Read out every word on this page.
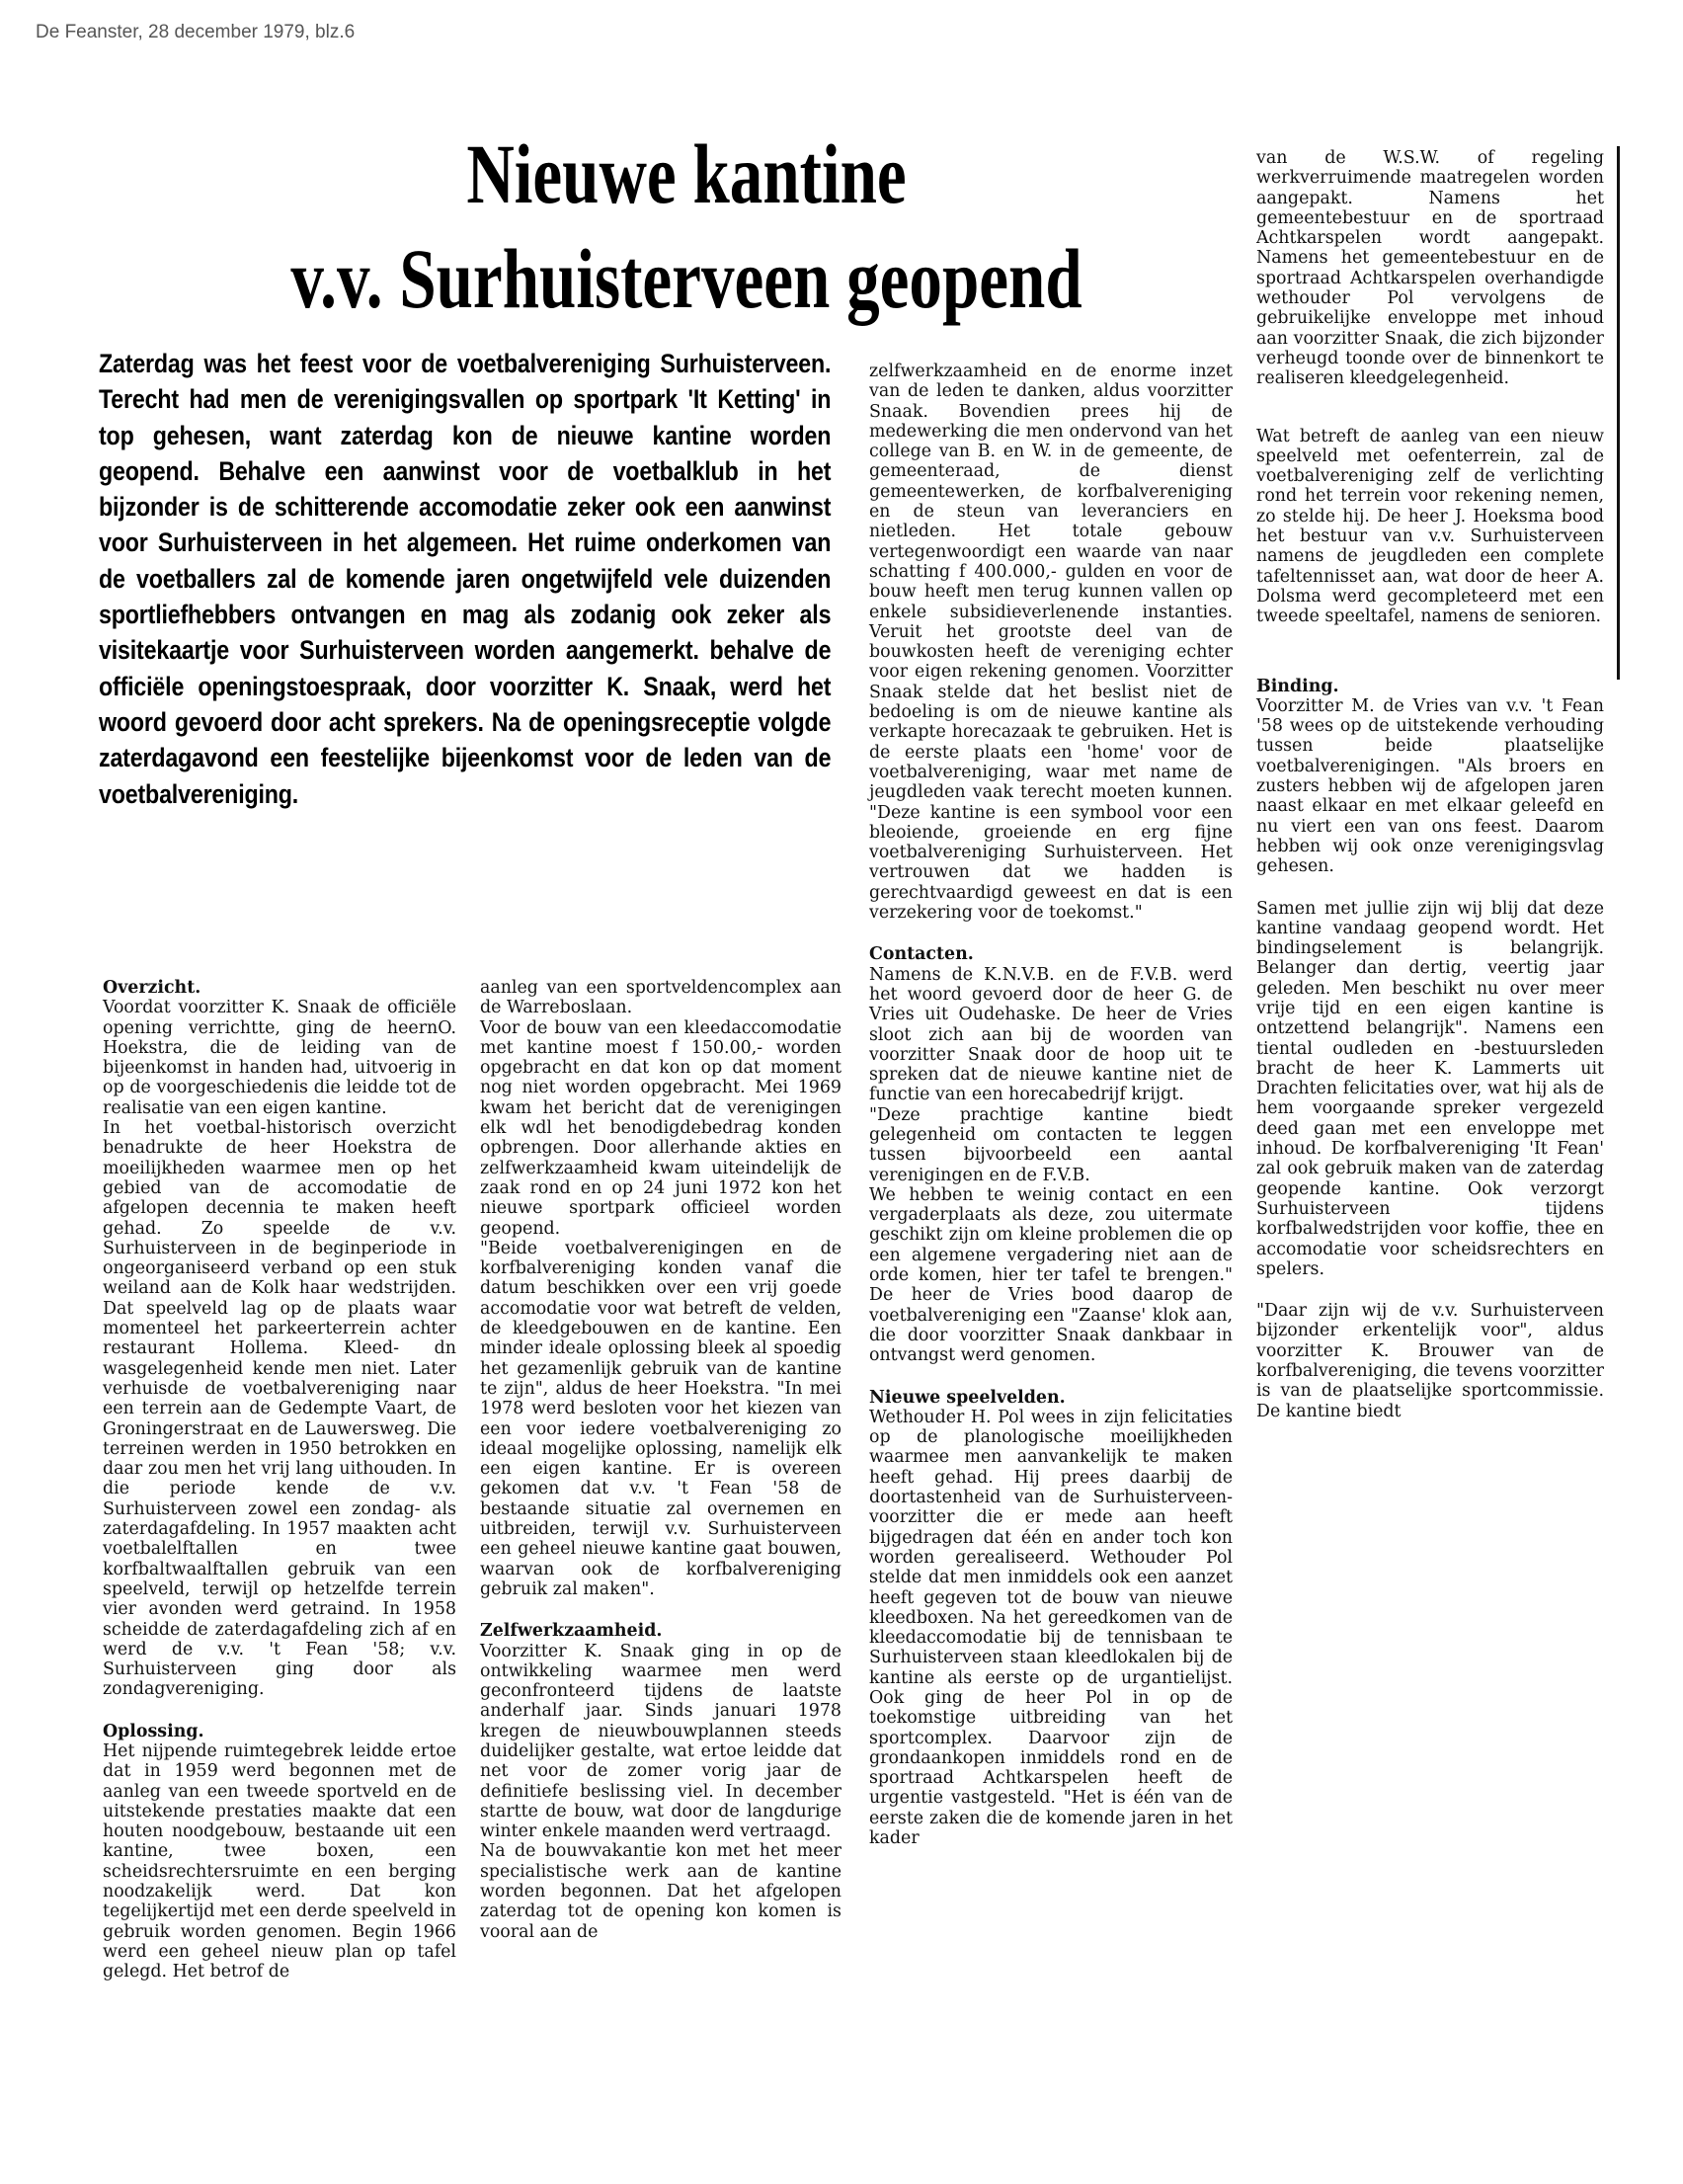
De Feanster, 28 december 1979, blz.6
Nieuwe kantine
v.v. Surhuisterveen geopend
Zaterdag was het feest voor de voetbalvereniging Surhuisterveen. Terecht had men de verenigingsvallen op sportpark 'It Ketting' in top gehesen, want zaterdag kon de nieuwe kantine worden geopend. Behalve een aanwinst voor de voetbalklub in het bijzonder is de schitterende accomodatie zeker ook een aanwinst voor Surhuisterveen in het algemeen. Het ruime onderkomen van de voetballers zal de komende jaren ongetwijfeld vele duizenden sportliefhebbers ontvangen en mag als zodanig ook zeker als visitekaartje voor Surhuisterveen worden aangemerkt. behalve de officiële openingstoespraak, door voorzitter K. Snaak, werd het woord gevoerd door acht sprekers. Na de openingsreceptie volgde zaterdagavond een feestelijke bijeenkomst voor de leden van de voetbalvereniging.
Overzicht.

Voordat voorzitter K. Snaak de officiële opening verrichtte, ging de heernO. Hoekstra, die de leiding van de bijeenkomst in handen had, uitvoerig in op de voorgeschiedenis die leidde tot de realisatie van een eigen kantine.

In het voetbal-historisch overzicht benadrukte de heer Hoekstra de moeilijkheden waarmee men op het gebied van de accomodatie de afgelopen decennia te maken heeft gehad. Zo speelde de v.v. Surhuisterveen in de beginperiode in ongeorganiseerd verband op een stuk weiland aan de Kolk haar wedstrijden. Dat speelveld lag op de plaats waar momenteel het parkeerterrein achter restaurant Hollema. Kleed- dn wasgelegenheid kende men niet. Later verhuisde de voetbalvereniging naar een terrein aan de Gedempte Vaart, de Groningerstraat en de Lauwersweg. Die terreinen werden in 1950 betrokken en daar zou men het vrij lang uithouden. In die periode kende de v.v. Surhuisterveen zowel een zondag- als zaterdagafdeling. In 1957 maakten acht voetbalelftallen en twee korfbaltwaalftallen gebruik van een speelveld, terwijl op hetzelfde terrein vier avonden werd getraind. In 1958 scheidde de zaterdagafdeling zich af en werd de v.v. 't Fean '58; v.v. Surhuisterveen ging door als zondagvereniging.

Oplossing.

Het nijpende ruimtegebrek leidde ertoe dat in 1959 werd begonnen met de aanleg van een tweede sportveld en de uitstekende prestaties maakte dat een houten noodgebouw, bestaande uit een kantine, twee boxen, een scheidsrechtersruimte en een berging noodzakelijk werd. Dat kon tegelijkertijd met een derde speelveld in gebruik worden genomen. Begin 1966 werd een geheel nieuw plan op tafel gelegd. Het betrof de

aanleg van een sportveldencomplex aan de Warreboslaan.

Voor de bouw van een kleedaccomodatie met kantine moest f 150.00,- worden opgebracht en dat kon op dat moment nog niet worden opgebracht. Mei 1969 kwam het bericht dat de verenigingen elk wdl het benodigdebedrag konden opbrengen. Door allerhande akties en zelfwerkzaamheid kwam uiteindelijk de zaak rond en op 24 juni 1972 kon het nieuwe sportpark officieel worden geopend.

"Beide voetbalverenigingen en de korfbalvereniging konden vanaf die datum beschikken over een vrij goede accomodatie voor wat betreft de velden, de kleedgebouwen en de kantine. Een minder ideale oplossing bleek al spoedig het gezamenlijk gebruik van de kantine te zijn", aldus de heer Hoekstra. "In mei 1978 werd besloten voor het kiezen van een voor iedere voetbalvereniging zo ideaal mogelijke oplossing, namelijk elk een eigen kantine. Er is overeen gekomen dat v.v. 't Fean '58 de bestaande situatie zal overnemen en uitbreiden, terwijl v.v. Surhuisterveen een geheel nieuwe kantine gaat bouwen, waarvan ook de korfbalvereniging gebruik zal maken".

Zelfwerkzaamheid.

Voorzitter K. Snaak ging in op de ontwikkeling waarmee men werd geconfronteerd tijdens de laatste anderhalf jaar. Sinds januari 1978 kregen de nieuwbouwplannen steeds duidelijker gestalte, wat ertoe leidde dat net voor de zomer vorig jaar de definitiefe beslissing viel. In december startte de bouw, wat door de langdurige winter enkele maanden werd vertraagd.

Na de bouwvakantie kon met het meer specialistische werk aan de kantine worden begonnen. Dat het afgelopen zaterdag tot de opening kon komen is vooral aan de

zelfwerkzaamheid en de enorme inzet van de leden te danken, aldus voorzitter Snaak. Bovendien prees hij de medewerking die men ondervond van het college van B. en W. in de gemeente, de gemeenteraad, de dienst gemeentewerken, de korfbalvereniging en de steun van leveranciers en nietleden. Het totale gebouw vertegenwoordigt een waarde van naar schatting f 400.000,- gulden en voor de bouw heeft men terug kunnen vallen op enkele subsidieverlenende instanties. Veruit het grootste deel van de bouwkosten heeft de vereniging echter voor eigen rekening genomen. Voorzitter Snaak stelde dat het beslist niet de bedoeling is om de nieuwe kantine als verkapte horecazaak te gebruiken. Het is de eerste plaats een 'home' voor de voetbalvereniging, waar met name de jeugdleden vaak terecht moeten kunnen. "Deze kantine is een symbool voor een bleoiende, groeiende en erg fijne voetbalvereniging Surhuisterveen. Het vertrouwen dat we hadden is gerechtvaardigd geweest en dat is een verzekering voor de toekomst."

Contacten.

Namens de K.N.V.B. en de F.V.B. werd het woord gevoerd door de heer G. de Vries uit Oudehaske. De heer de Vries sloot zich aan bij de woorden van voorzitter Snaak door de hoop uit te spreken dat de nieuwe kantine niet de functie van een horecabedrijf krijgt.

"Deze prachtige kantine biedt gelegenheid om contacten te leggen tussen bijvoorbeeld een aantal verenigingen en de F.V.B.

We hebben te weinig contact en een vergaderplaats als deze, zou uitermate geschikt zijn om kleine problemen die op een algemene vergadering niet aan de orde komen, hier ter tafel te brengen." De heer de Vries bood daarop de voetbalvereniging een "Zaanse' klok aan, die door voorzitter Snaak dankbaar in ontvangst werd genomen.

Nieuwe speelvelden.

Wethouder H. Pol wees in zijn felicitaties op de planologische moeilijkheden waarmee men aanvankelijk te maken heeft gehad. Hij prees daarbij de doortastenheid van de Surhuisterveen-voorzitter die er mede aan heeft bijgedragen dat één en ander toch kon worden gerealiseerd. Wethouder Pol stelde dat men inmiddels ook een aanzet heeft gegeven tot de bouw van nieuwe kleedboxen. Na het gereedkomen van de kleedaccomodatie bij de tennisbaan te Surhuisterveen staan kleedlokalen bij de kantine als eerste op de urgantielijst. Ook ging de heer Pol in op de toekomstige uitbreiding van het sportcomplex. Daarvoor zijn de grondaankopen inmiddels rond en de sportraad Achtkarspelen heeft de urgentie vastgesteld. "Het is één van de eerste zaken die de komende jaren in het kader

van de W.S.W. of regeling werkverruimende maatregelen worden aangepakt. Namens het gemeentebestuur en de sportraad Achtkarspelen wordt aangepakt. Namens het gemeentebestuur en de sportraad Achtkarspelen overhandigde wethouder Pol vervolgens de gebruikelijke enveloppe met inhoud aan voorzitter Snaak, die zich bijzonder verheugd toonde over de binnenkort te realiseren kleedgelegenheid.

Wat betreft de aanleg van een nieuw speelveld met oefenterrein, zal de voetbalvereniging zelf de verlichting rond het terrein voor rekening nemen, zo stelde hij. De heer J. Hoeksma bood het bestuur van v.v. Surhuisterveen namens de jeugdleden een complete tafeltennisset aan, wat door de heer A. Dolsma werd gecompleteerd met een tweede speeltafel, namens de senioren.

Binding.

Voorzitter M. de Vries van v.v. 't Fean '58 wees op de uitstekende verhouding tussen beide plaatselijke voetbalverenigingen. "Als broers en zusters hebben wij de afgelopen jaren naast elkaar en met elkaar geleefd en nu viert een van ons feest. Daarom hebben wij ook onze verenigingsvlag gehesen.

Samen met jullie zijn wij blij dat deze kantine vandaag geopend wordt. Het bindingselement is belangrijk. Belanger dan dertig, veertig jaar geleden. Men beschikt nu over meer vrije tijd en een eigen kantine is ontzettend belangrijk". Namens een tiental oudleden en -bestuursleden bracht de heer K. Lammerts uit Drachten felicitaties over, wat hij als de hem voorgaande spreker vergezeld deed gaan met een enveloppe met inhoud. De korfbalvereniging 'It Fean' zal ook gebruik maken van de zaterdag geopende kantine. Ook verzorgt Surhuisterveen tijdens korfbalwedstrijden voor koffie, thee en accomodatie voor scheidsrechters en spelers.

"Daar zijn wij de v.v. Surhuisterveen bijzonder erkentelijk voor", aldus voorzitter K. Brouwer van de korfbalvereniging, die tevens voorzitter is van de plaatselijke sportcommissie. De kantine biedt
